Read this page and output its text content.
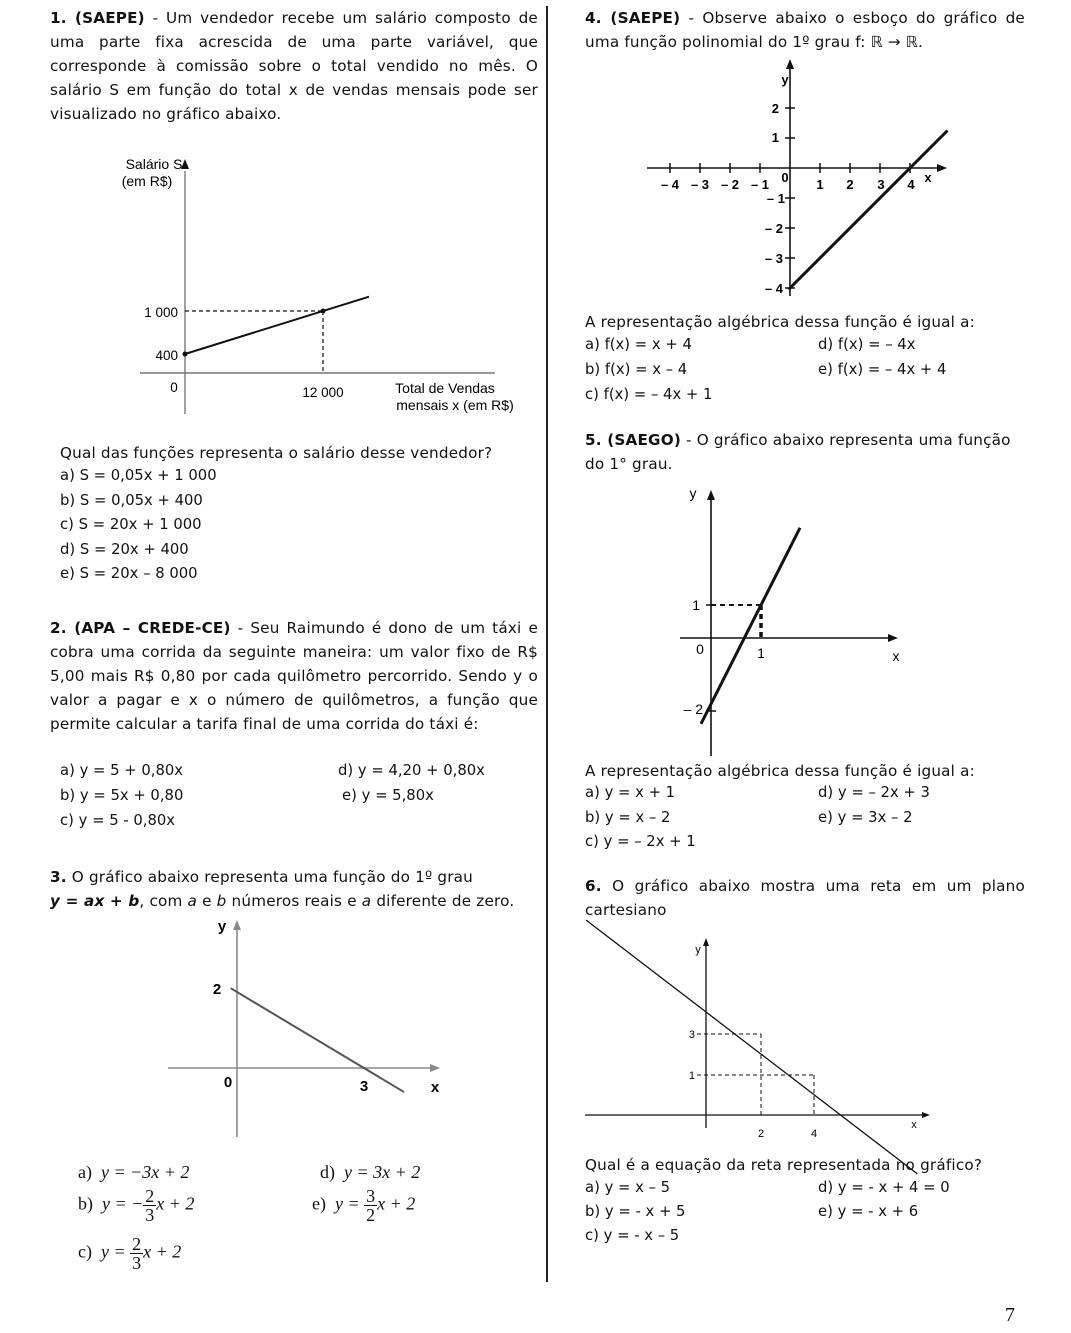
1. (SAEPE) - Um vendedor recebe um salário composto de uma parte fixa acrescida de uma parte variável, que corresponde à comissão sobre o total vendido no mês. O salário S em função do total x de vendas mensais pode ser visualizado no gráfico abaixo.

Salário S
(em R$)
1 000
400
0	12 000	Total de Vendas
mensais x (em R$)

Qual das funções representa o salário desse vendedor?

a) S = 0,05x + 1 000
b) S = 0,05x + 400
c) S = 20x + 1 000
d) S = 20x + 400
e) S = 20x – 8 000

2. (APA – CREDE-CE) - Seu Raimundo é dono de um táxi e cobra uma corrida da seguinte maneira: um valor fixo de R$ 5,00 mais R$ 0,80 por cada quilômetro percorrido. Sendo y o valor a pagar e x o número de quilômetros, a função que permite calcular a tarifa final de uma corrida do táxi é:

a) y = 5 + 0,80x
b) y = 5x + 0,80
c) y = 5 - 0,80x
d) y = 4,20 + 0,80x
e) y = 5,80x

3. O gráfico abaixo representa uma função do 1º grau

y = ax + b, com a e b números reais e a diferente de zero.

y
x
0	3
2
a) y = −3x + 2	d) y = 3x + 2
b) y = − $\frac{2}{3}$ x + 2	e) $y = \frac{3}{2}$ x + 2
c) $y = \frac{2}{3}$ x + 2

4. (SAEPE) - Observe abaixo o esboço do gráfico de uma função polinomial do 1º grau f: ℝ → ℝ.

x
y
0
– 4 – 3 – 2 – 1	1 2 3 4
2
1
– 1
– 2
– 3
– 4

A representação algébrica dessa função é igual a:

a) f(x) = x + 4
b) f(x) = x – 4
c) f(x) = – 4x + 1
d) f(x) = – 4x
e) f(x) = – 4x + 4

5. (SAEGO) - O gráfico abaixo representa uma função do 1° grau.

y
x
0	1
1
– 2

A representação algébrica dessa função é igual a:

a) y = x + 1
b) y = x – 2
c) y = – 2x + 1
d) y = – 2x + 3
e) y = 3x – 2

6. O gráfico abaixo mostra uma reta em um plano cartesiano

y
x
3
1
2	4

Qual é a equação da reta representada no gráfico?

a) y = x – 5
b) y = - x + 5
c) y = - x – 5
d) y = - x + 4 = 0
e) y = - x + 6
7
